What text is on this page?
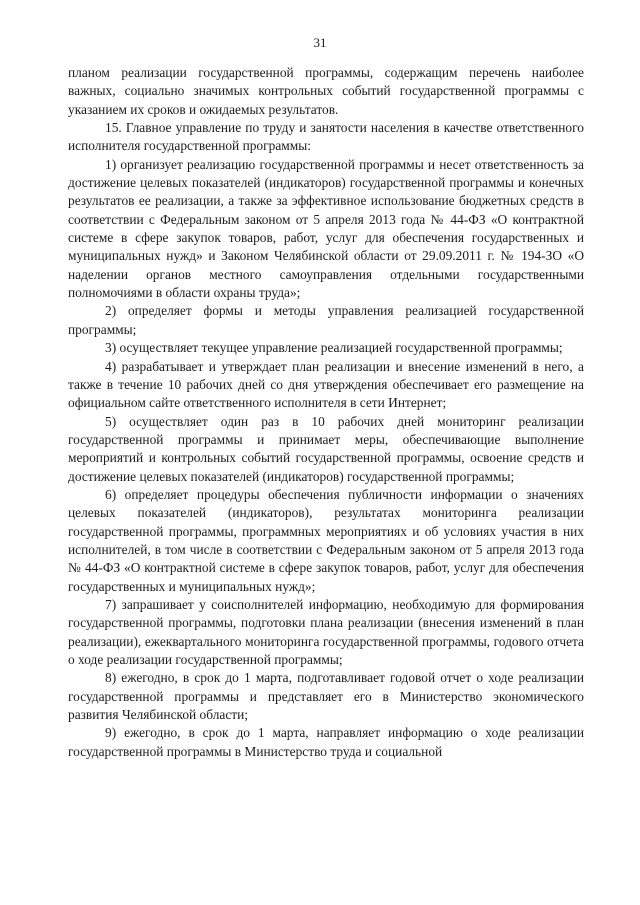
31

планом реализации государственной программы, содержащим перечень наиболее важных, социально значимых контрольных событий государственной программы с указанием их сроков и ожидаемых результатов.

15. Главное управление по труду и занятости населения в качестве ответственного исполнителя государственной программы:

1) организует реализацию государственной программы и несет ответственность за достижение целевых показателей (индикаторов) государственной программы и конечных результатов ее реализации, а также за эффективное использование бюджетных средств в соответствии с Федеральным законом от 5 апреля 2013 года № 44-ФЗ «О контрактной системе в сфере закупок товаров, работ, услуг для обеспечения государственных и муниципальных нужд» и Законом Челябинской области от 29.09.2011 г. № 194-ЗО «О наделении органов местного самоуправления отдельными государственными полномочиями в области охраны труда»;

2) определяет формы и методы управления реализацией государственной программы;

3) осуществляет текущее управление реализацией государственной программы;

4) разрабатывает и утверждает план реализации и внесение изменений в него, а также в течение 10 рабочих дней со дня утверждения обеспечивает его размещение на официальном сайте ответственного исполнителя в сети Интернет;

5) осуществляет один раз в 10 рабочих дней мониторинг реализации государственной программы и принимает меры, обеспечивающие выполнение мероприятий и контрольных событий государственной программы, освоение средств и достижение целевых показателей (индикаторов) государственной программы;

6) определяет процедуры обеспечения публичности информации о значениях целевых показателей (индикаторов), результатах мониторинга реализации государственной программы, программных мероприятиях и об условиях участия в них исполнителей, в том числе в соответствии с Федеральным законом от 5 апреля 2013 года № 44-ФЗ «О контрактной системе в сфере закупок товаров, работ, услуг для обеспечения государственных и муниципальных нужд»;

7) запрашивает у соисполнителей информацию, необходимую для формирования государственной программы, подготовки плана реализации (внесения изменений в план реализации), ежеквартального мониторинга государственной программы, годового отчета о ходе реализации государственной программы;

8) ежегодно, в срок до 1 марта, подготавливает годовой отчет о ходе реализации государственной программы и представляет его в Министерство экономического развития Челябинской области;

9) ежегодно, в срок до 1 марта, направляет информацию о ходе реализации государственной программы в Министерство труда и социальной
